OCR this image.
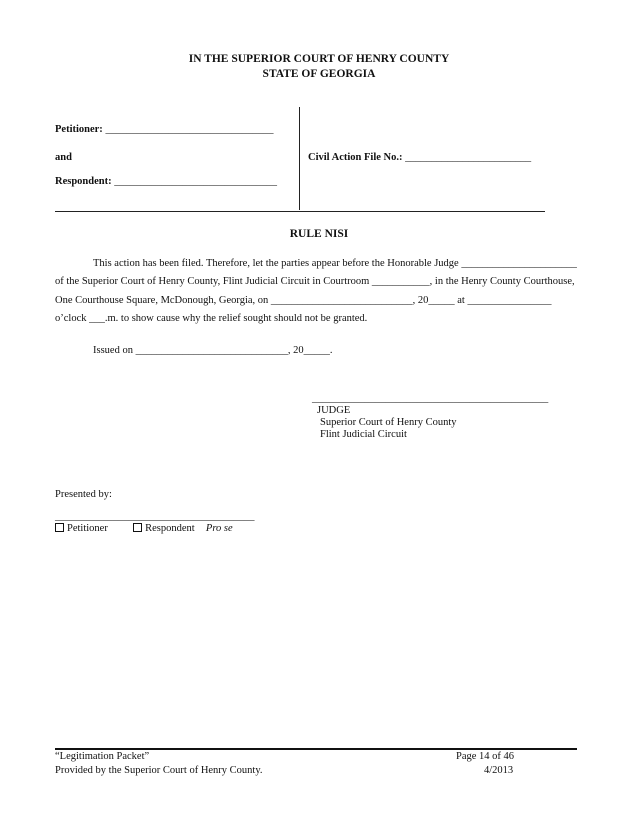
IN THE SUPERIOR COURT OF HENRY COUNTY
STATE OF GEORGIA
Petitioner: ________________________________
and
Respondent: _______________________________
Civil Action File No.: ________________________
RULE NISI
This action has been filed. Therefore, let the parties appear before the Honorable Judge ______________________
of the Superior Court of Henry County, Flint Judicial Circuit in Courtroom ___________, in the Henry County Courthouse,
One Courthouse Square, McDonough, Georgia, on ___________________________, 20_____ at ________________
o’clock ___.m. to show cause why the relief sought should not be granted.
Issued on _____________________________, 20_____.
_____________________________________________
JUDGE
Superior Court of Henry County
Flint Judicial Circuit
Presented by:
______________________________________
Petitioner	Respondent Pro se
“Legitimation Packet”
Provided by the Superior Court of Henry County.
Page 14 of 46
4/2013
